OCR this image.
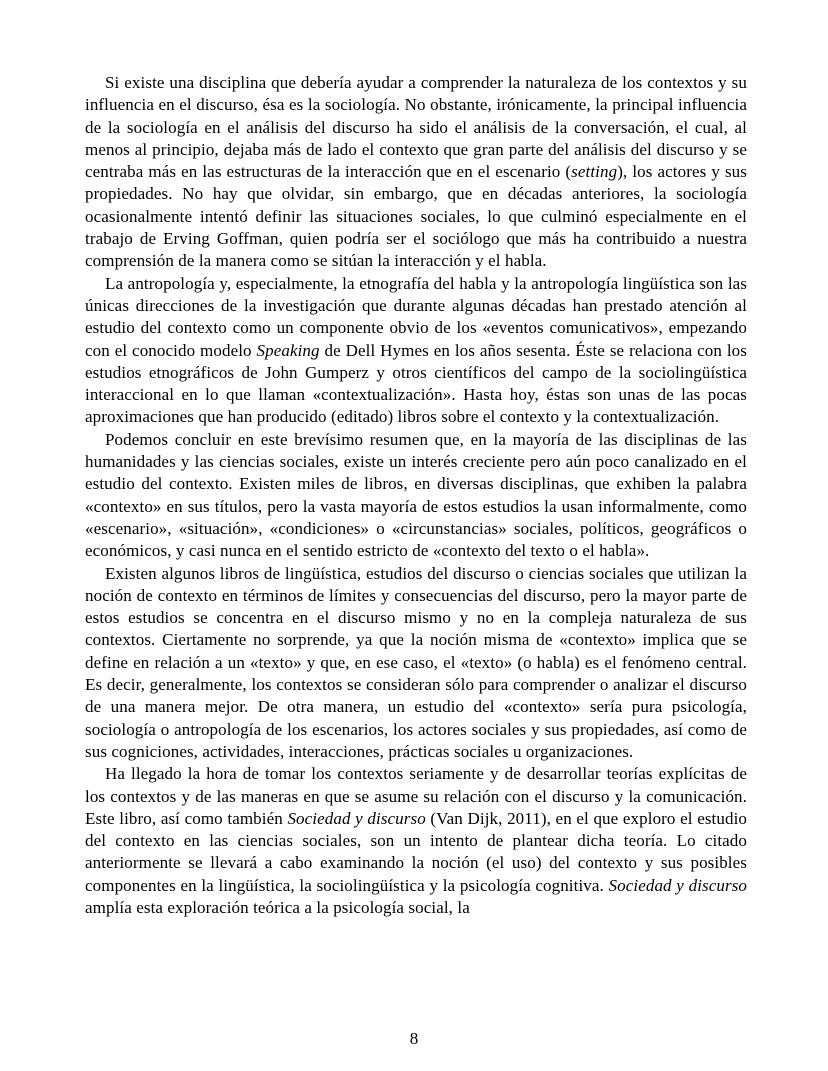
Si existe una disciplina que debería ayudar a comprender la naturaleza de los contextos y su influencia en el discurso, ésa es la sociología. No obstante, irónicamente, la principal influencia de la sociología en el análisis del discurso ha sido el análisis de la conversación, el cual, al menos al principio, dejaba más de lado el contexto que gran parte del análisis del discurso y se centraba más en las estructuras de la interacción que en el escenario (setting), los actores y sus propiedades. No hay que olvidar, sin embargo, que en décadas anteriores, la sociología ocasionalmente intentó definir las situaciones sociales, lo que culminó especialmente en el trabajo de Erving Goffman, quien podría ser el sociólogo que más ha contribuido a nuestra comprensión de la manera como se sitúan la interacción y el habla.

La antropología y, especialmente, la etnografía del habla y la antropología lingüística son las únicas direcciones de la investigación que durante algunas décadas han prestado atención al estudio del contexto como un componente obvio de los «eventos comunicativos», empezando con el conocido modelo Speaking de Dell Hymes en los años sesenta. Éste se relaciona con los estudios etnográficos de John Gumperz y otros científicos del campo de la sociolingüística interaccional en lo que llaman «contextualización». Hasta hoy, éstas son unas de las pocas aproximaciones que han producido (editado) libros sobre el contexto y la contextualización.

Podemos concluir en este brevísimo resumen que, en la mayoría de las disciplinas de las humanidades y las ciencias sociales, existe un interés creciente pero aún poco canalizado en el estudio del contexto. Existen miles de libros, en diversas disciplinas, que exhiben la palabra «contexto» en sus títulos, pero la vasta mayoría de estos estudios la usan informalmente, como «escenario», «situación», «condiciones» o «circunstancias» sociales, políticos, geográficos o económicos, y casi nunca en el sentido estricto de «contexto del texto o el habla».

Existen algunos libros de lingüística, estudios del discurso o ciencias sociales que utilizan la noción de contexto en términos de límites y consecuencias del discurso, pero la mayor parte de estos estudios se concentra en el discurso mismo y no en la compleja naturaleza de sus contextos. Ciertamente no sorprende, ya que la noción misma de «contexto» implica que se define en relación a un «texto» y que, en ese caso, el «texto» (o habla) es el fenómeno central. Es decir, generalmente, los contextos se consideran sólo para comprender o analizar el discurso de una manera mejor. De otra manera, un estudio del «contexto» sería pura psicología, sociología o antropología de los escenarios, los actores sociales y sus propiedades, así como de sus cogniciones, actividades, interacciones, prácticas sociales u organizaciones.

Ha llegado la hora de tomar los contextos seriamente y de desarrollar teorías explícitas de los contextos y de las maneras en que se asume su relación con el discurso y la comunicación. Este libro, así como también Sociedad y discurso (Van Dijk, 2011), en el que exploro el estudio del contexto en las ciencias sociales, son un intento de plantear dicha teoría. Lo citado anteriormente se llevará a cabo examinando la noción (el uso) del contexto y sus posibles componentes en la lingüística, la sociolingüística y la psicología cognitiva. Sociedad y discurso amplía esta exploración teórica a la psicología social, la

8
